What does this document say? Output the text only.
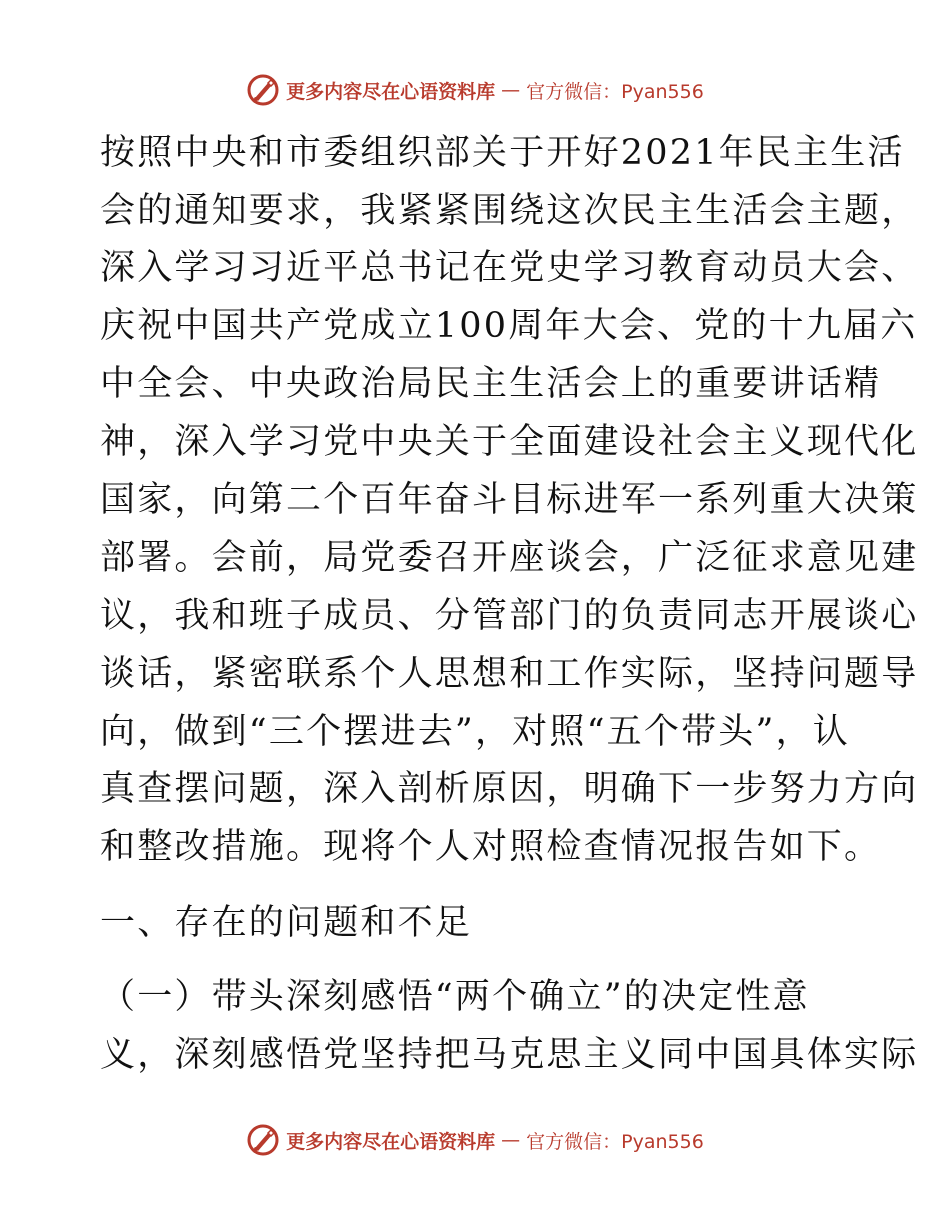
更多内容尽在心语资料库 — 官方微信：Pyan556
按照中央和市委组织部关于开好2021年民主生活
会的通知要求，我紧紧围绕这次民主生活会主题，
深入学习习近平总书记在党史学习教育动员大会、
庆祝中国共产党成立100周年大会、党的十九届六
中全会、中央政治局民主生活会上的重要讲话精
神，深入学习党中央关于全面建设社会主义现代化
国家，向第二个百年奋斗目标进军一系列重大决策
部署。会前，局党委召开座谈会，广泛征求意见建
议，我和班子成员、分管部门的负责同志开展谈心
谈话，紧密联系个人思想和工作实际，坚持问题导
向，做到“三个摆进去”，对照“五个带头”，认
真查摆问题，深入剖析原因，明确下一步努力方向
和整改措施。现将个人对照检查情况报告如下。
一、存在的问题和不足
（一）带头深刻感悟“两个确立”的决定性意
义，深刻感悟党坚持把马克思主义同中国具体实际
更多内容尽在心语资料库 — 官方微信：Pyan556
